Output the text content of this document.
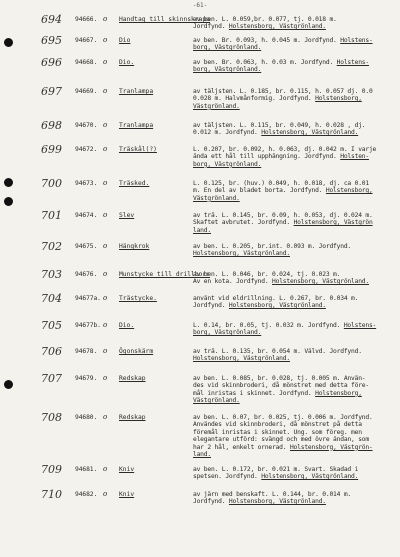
-61-
694 94666. o Handtag till skinnskrapa
av ben. L. 0.059,br. 0.077, tj. 0.018 m.
Jordfynd. Holstensborg, Västgrönland.
695 94667. o Dio	av ben. Br. 0.093, h. 0.045 m. Jordfynd. Holstens-
borg, Västgrönland.
696 94668. o Dio.	av ben. Br. 0.063, h. 0.03 m. Jordfynd. Holstens-
borg, Västgrönland.
697 94669. o Tranlampa	av täljsten. L. 0.185, br. 0.115, h. 0.057 dj. 0.0
0.028 m. Halvmånformig. Jordfynd. Holstensborg,
Västgrönland.
698 94670. o Tranlampa	av täljsten. L. 0.115, br. 0.049, h. 0.028 , dj.
0.012 m. Jordfynd. Holstensborg, Västgrönland.
699 94672. o Träskål(?)	L. 0.207, br. 0.092, h. 0.063, dj. 0.042 m. I varje
ända ett hål till upphängning. Jordfynd. Holsten-
borg, Västgrönland.
700 94673. o Träsked.	L. 0.125, br. (huv.) 0.049, h. 0.018, dj. ca 0.01
m. En del av bladet borta. Jordfynd. Holstensborg,
Västgrönland.
701 94674. o Slev	av trä. L. 0.145, br. 0.09, h. 0.053, dj. 0.024 m.
Skaftet avbrutet. Jordfynd. Holstensborg, Västgrön
land.
702 94675. o Hängkrok	av ben. L. 0.205, br.int. 0.093 m. Jordfynd.
Holstensborg, Västgrönland.
703 94676. o Munstycke till drillborr
av ben. L. 0.046, br. 0.024, tj. 0.023 m.
Av en kota. Jordfynd. Holstensborg, Västgrönland.
704 94677a. o Trästycke.	använt vid eldrillning. L. 0.267, br. 0.034 m.
Jordfynd. Holstensborg, Västgrönland.
705 94677b. o Dio.	L. 0.14, br. 0.05, tj. 0.032 m. Jordfynd. Holstens-
borg, Västgrönland.
706 94678. o Ögonskärm	av trä. L. 0.135, br. 0.054 m. Välvd. Jordfynd.
Holstensborg, Västgrönland.
707 94679. o Redskap	av ben. L. 0.085, br. 0.028, tj. 0.005 m. Använ-
des vid skinnbroderi, då mönstret med detta före-
mål inristas i skinnet. Jordfynd. Holstensborg,
Västgrönland.
708 94680. o Redskap	av ben. L. 0.07, br. 0.025, tj. 0.006 m. Jordfynd.
Användes vid skinnbroderi, då mönstret på detta
föremål inristas i skinnet. Ung. som föreg. men
elegantare utförd: svängd och med övre ändan, som
har 2 hål, enkelt ornerad. Holstensborg, Västgrön-
land.
709 94681. o Kniv	av ben. L. 0.172, br. 0.021 m. Svart. Skadad i
spetsen. Jordfynd. Holstensborg, Västgrönland.
710 94682. o Kniv	av järn med benskaft. L. 0.144, br. 0.014 m.
Jordfynd. Holstensborg, Västgrönland.
